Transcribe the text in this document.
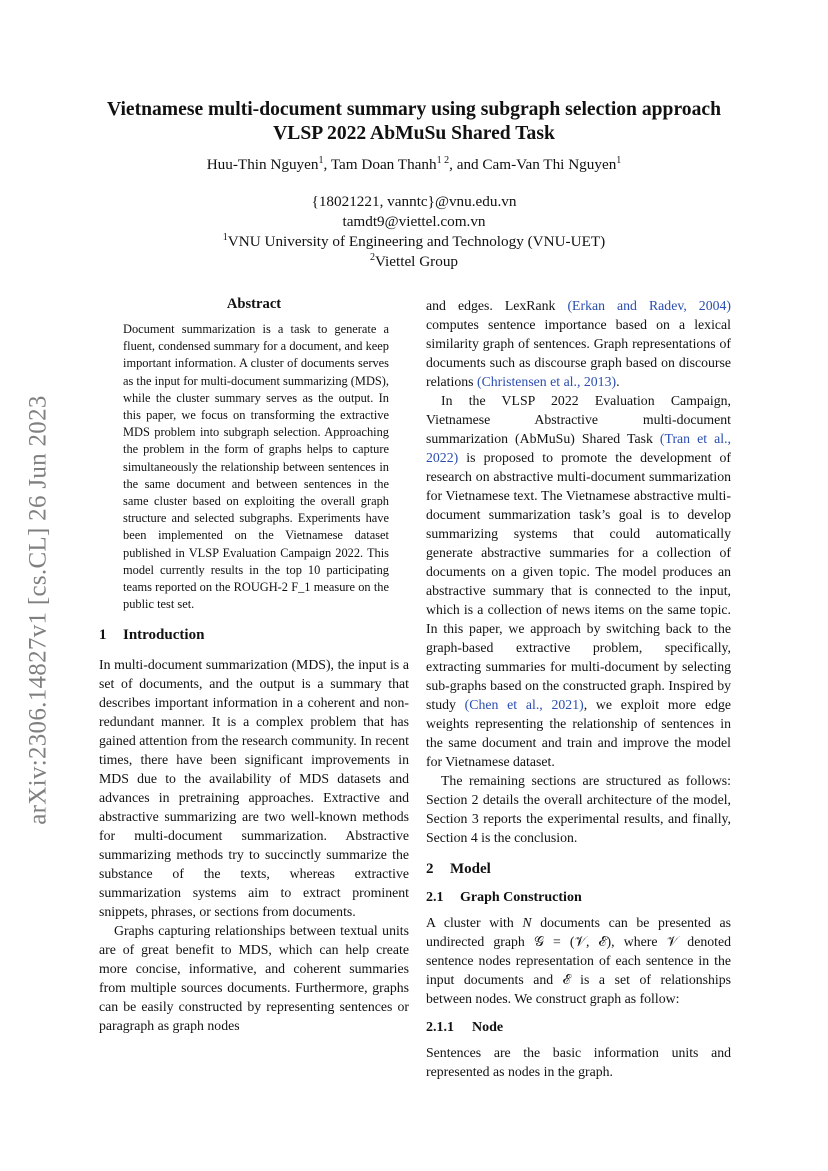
arXiv:2306.14827v1 [cs.CL] 26 Jun 2023
Vietnamese multi-document summary using subgraph selection approach
VLSP 2022 AbMuSu Shared Task
Huu-Thin Nguyen$^1$, Tam Doan Thanh$^{1 2}$, and Cam-Van Thi Nguyen$^1$
{18021221, vanntc}@vnu.edu.vn
tamdt9@viettel.com.vn
$^1$VNU University of Engineering and Technology (VNU-UET)
$^2$Viettel Group
Abstract

Document summarization is a task to generate a fluent, condensed summary for a document, and keep important information. A cluster of documents serves as the input for multi-document summarizing (MDS), while the cluster summary serves as the output. In this paper, we focus on transforming the extractive MDS problem into subgraph selection. Approaching the problem in the form of graphs helps to capture simultaneously the relationship between sentences in the same document and between sentences in the same cluster based on exploiting the overall graph structure and selected subgraphs. Experiments have been implemented on the Vietnamese dataset published in VLSP Evaluation Campaign 2022. This model currently results in the top 10 participating teams reported on the ROUGH-2 F_1 measure on the public test set.

1 Introduction

In multi-document summarization (MDS), the input is a set of documents, and the output is a summary that describes important information in a coherent and non-redundant manner. It is a complex problem that has gained attention from the research community. In recent times, there have been significant improvements in MDS due to the availability of MDS datasets and advances in pretraining approaches. Extractive and abstractive summarizing are two well-known methods for multi-document summarization. Abstractive summarizing methods try to succinctly summarize the substance of the texts, whereas extractive summarization systems aim to extract prominent snippets, phrases, or sections from documents.

Graphs capturing relationships between textual units are of great benefit to MDS, which can help create more concise, informative, and coherent summaries from multiple sources documents. Furthermore, graphs can be easily constructed by representing sentences or paragraph as graph nodes

and edges. LexRank (Erkan and Radev, 2004) computes sentence importance based on a lexical similarity graph of sentences. Graph representations of documents such as discourse graph based on discourse relations (Christensen et al., 2013).

In the VLSP 2022 Evaluation Campaign, Vietnamese Abstractive multi-document summarization (AbMuSu) Shared Task (Tran et al., 2022) is proposed to promote the development of research on abstractive multi-document summarization for Vietnamese text. The Vietnamese abstractive multi-document summarization task’s goal is to develop summarizing systems that could automatically generate abstractive summaries for a collection of documents on a given topic. The model produces an abstractive summary that is connected to the input, which is a collection of news items on the same topic. In this paper, we approach by switching back to the graph-based extractive problem, specifically, extracting summaries for multi-document by selecting sub-graphs based on the constructed graph. Inspired by study (Chen et al., 2021), we exploit more edge weights representing the relationship of sentences in the same document and train and improve the model for Vietnamese dataset.

The remaining sections are structured as follows: Section 2 details the overall architecture of the model, Section 3 reports the experimental results, and finally, Section 4 is the conclusion.

2 Model
2.1 Graph Construction

A cluster with N documents can be presented as undirected graph 𝒢 = (𝒱, ℰ), where 𝒱 denoted sentence nodes representation of each sentence in the input documents and ℰ is a set of relationships between nodes. We construct graph as follow:

2.1.1 Node

Sentences are the basic information units and represented as nodes in the graph.
